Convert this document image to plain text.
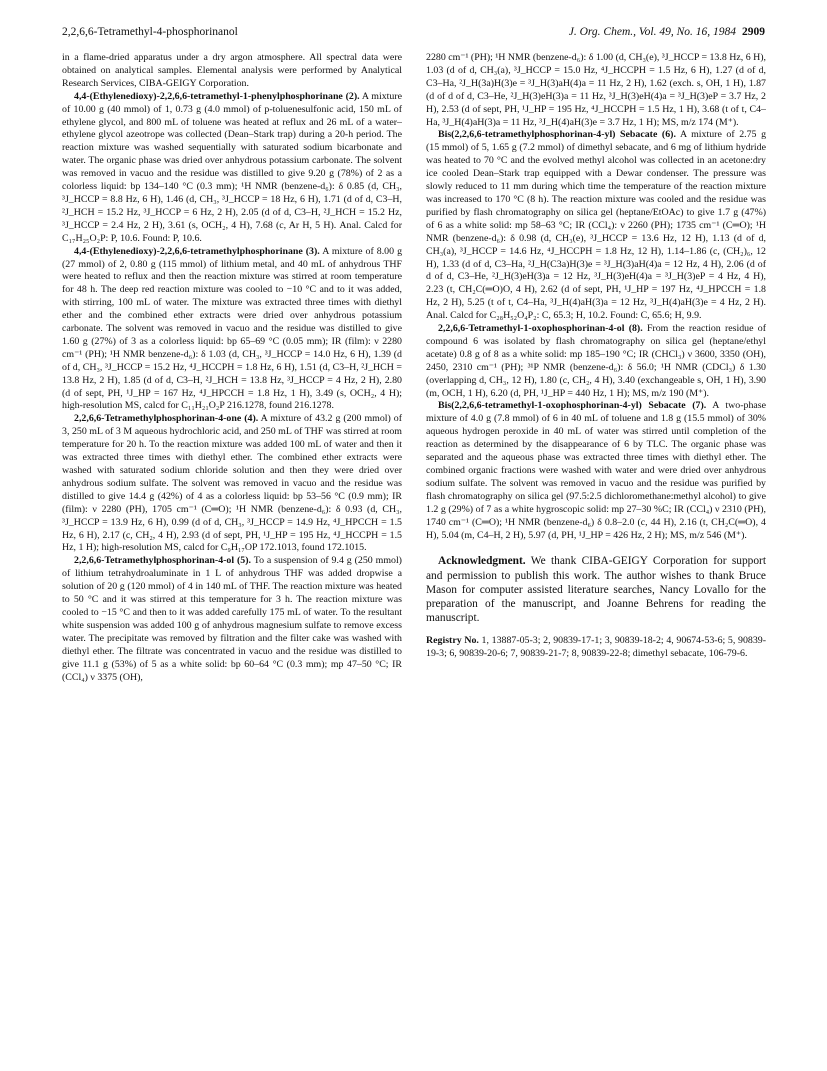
2,2,6,6-Tetramethyl-4-phosphorinanol	J. Org. Chem., Vol. 49, No. 16, 1984 2909

in a flame-dried apparatus under a dry argon atmosphere. All spectral data were obtained on analytical samples. Elemental analysis were performed by Analytical Research Services, CIBA-GEIGY Corporation.

4,4-(Ethylenedioxy)-2,2,6,6-tetramethyl-1-phenylphosphorinane (2). A mixture of 10.00 g (40 mmol) of 1, 0.73 g (4.0 mmol) of p-toluenesulfonic acid, 150 mL of ethylene glycol, and 800 mL of toluene was heated at reflux and 26 mL of a water–ethylene glycol azeotrope was collected (Dean–Stark trap) during a 20-h period. The reaction mixture was washed sequentially with saturated sodium bicarbonate and water. The organic phase was dried over anhydrous potassium carbonate. The solvent was removed in vacuo and the residue was distilled to give 9.20 g (78%) of 2 as a colorless liquid: bp 134–140 °C (0.3 mm); ¹H NMR (benzene-d₆): δ 0.85 (d, CH₃, ³J_HCCP = 8.8 Hz, 6 H), 1.46 (d, CH₃, ³J_HCCP = 18 Hz, 6 H), 1.71 (d of d, C3–H, ²J_HCH = 15.2 Hz, ³J_HCCP = 6 Hz, 2 H), 2.05 (d of d, C3–H, ²J_HCH = 15.2 Hz, ³J_HCCP = 2.4 Hz, 2 H), 3.61 (s, OCH₂, 4 H), 7.68 (c, Ar H, 5 H). Anal. Calcd for C₁₇H₂₅O₂P: P, 10.6. Found: P, 10.6.

4,4-(Ethylenedioxy)-2,2,6,6-tetramethylphosphorinane (3). A mixture of 8.00 g (27 mmol) of 2, 0.80 g (115 mmol) of lithium metal, and 40 mL of anhydrous THF were heated to reflux and then the reaction mixture was stirred at room temperature for 48 h. The deep red reaction mixture was cooled to −10 °C and to it was added, with stirring, 100 mL of water. The mixture was extracted three times with diethyl ether and the combined ether extracts were dried over anhydrous potassium carbonate. The solvent was removed in vacuo and the residue was distilled to give 1.60 g (27%) of 3 as a colorless liquid: bp 65–69 °C (0.05 mm); IR (film): ν 2280 cm⁻¹ (PH); ¹H NMR benzene-d₆): δ 1.03 (d, CH₃, ³J_HCCP = 14.0 Hz, 6 H), 1.39 (d of d, CH₃, ³J_HCCP = 15.2 Hz, ⁴J_HCCPH = 1.8 Hz, 6 H), 1.51 (d, C3–H, ²J_HCH = 13.8 Hz, 2 H), 1.85 (d of d, C3–H, ²J_HCH = 13.8 Hz, ³J_HCCP = 4 Hz, 2 H), 2.80 (d of sept, PH, ¹J_HP = 167 Hz, ⁴J_HPCCH = 1.8 Hz, 1 H), 3.49 (s, OCH₂, 4 H); high-resolution MS, calcd for C₁₁H₂₁O₂P 216.1278, found 216.1278.

2,2,6,6-Tetramethylphosphorinan-4-one (4). A mixture of 43.2 g (200 mmol) of 3, 250 mL of 3 M aqueous hydrochloric acid, and 250 mL of THF was stirred at room temperature for 20 h. To the reaction mixture was added 100 mL of water and then it was extracted three times with diethyl ether. The combined ether extracts were washed with saturated sodium chloride solution and then they were dried over anhydrous sodium sulfate. The solvent was removed in vacuo and the residue was distilled to give 14.4 g (42%) of 4 as a colorless liquid: bp 53–56 °C (0.9 mm); IR (film): ν 2280 (PH), 1705 cm⁻¹ (C═O); ¹H NMR (benzene-d₆): δ 0.93 (d, CH₃, ³J_HCCP = 13.9 Hz, 6 H), 0.99 (d of d, CH₃, ³J_HCCP = 14.9 Hz, ⁴J_HPCCH = 1.5 Hz, 6 H), 2.17 (c, CH₂, 4 H), 2.93 (d of sept, PH, ¹J_HP = 195 Hz, ⁴J_HCCPH = 1.5 Hz, 1 H); high-resolution MS, calcd for C₉H₁₇OP 172.1013, found 172.1015.

2,2,6,6-Tetramethylphosphorinan-4-ol (5). To a suspension of 9.4 g (250 mmol) of lithium tetrahydroaluminate in 1 L of anhydrous THF was added dropwise a solution of 20 g (120 mmol) of 4 in 140 mL of THF. The reaction mixture was heated to 50 °C and it was stirred at this temperature for 3 h. The reaction mixture was cooled to −15 °C and then to it was added carefully 175 mL of water. To the resultant white suspension was added 100 g of anhydrous magnesium sulfate to remove excess water. The precipitate was removed by filtration and the filter cake was washed with diethyl ether. The filtrate was concentrated in vacuo and the residue was distilled to give 11.1 g (53%) of 5 as a white solid: bp 60–64 °C (0.3 mm); mp 47–50 °C; IR (CCl₄) ν 3375 (OH),

2280 cm⁻¹ (PH); ¹H NMR (benzene-d₆): δ 1.00 (d, CH₃(e), ³J_HCCP = 13.8 Hz, 6 H), 1.03 (d of d, CH₃(a), ³J_HCCP = 15.0 Hz, ⁴J_HCCPH = 1.5 Hz, 6 H), 1.27 (d of d, C3–Ha, ²J_H(3a)H(3)e = ³J_H(3)aH(4)a = 11 Hz, 2 H), 1.62 (exch. s, OH, 1 H), 1.87 (d of d of d, C3–He, ²J_H(3)eH(3)a = 11 Hz, ³J_H(3)eH(4)a = ³J_H(3)eP = 3.7 Hz, 2 H), 2.53 (d of sept, PH, ¹J_HP = 195 Hz, ⁴J_HCCPH = 1.5 Hz, 1 H), 3.68 (t of t, C4–Ha, ³J_H(4)aH(3)a = 11 Hz, ³J_H(4)aH(3)e = 3.7 Hz, 1 H); MS, m/z 174 (M⁺).

Bis(2,2,6,6-tetramethylphosphorinan-4-yl) Sebacate (6). A mixture of 2.75 g (15 mmol) of 5, 1.65 g (7.2 mmol) of dimethyl sebacate, and 6 mg of lithium hydride was heated to 70 °C and the evolved methyl alcohol was collected in an acetone:dry ice cooled Dean–Stark trap equipped with a Dewar condenser. The pressure was slowly reduced to 11 mm during which time the temperature of the reaction mixture was increased to 170 °C (8 h). The reaction mixture was cooled and the residue was purified by flash chromatography on silica gel (heptane/EtOAc) to give 1.7 g (47%) of 6 as a white solid: mp 58–63 °C; IR (CCl₄): ν 2260 (PH); 1735 cm⁻¹ (C═O); ¹H NMR (benzene-d₆): δ 0.98 (d, CH₃(e), ³J_HCCP = 13.6 Hz, 12 H), 1.13 (d of d, CH₃(a), ³J_HCCP = 14.6 Hz, ⁴J_HCCPH = 1.8 Hz, 12 H), 1.14–1.86 (c, (CH₂)₆, 12 H), 1.33 (d of d, C3–Ha, ²J_H(C3a)H(3)e = ³J_H(3)aH(4)a = 12 Hz, 4 H), 2.06 (d of d of d, C3–He, ²J_H(3)eH(3)a = 12 Hz, ³J_H(3)eH(4)a = ³J_H(3)eP = 4 Hz, 4 H), 2.23 (t, CH₂C(═O)O, 4 H), 2.62 (d of sept, PH, ¹J_HP = 197 Hz, ⁴J_HPCCH = 1.8 Hz, 2 H), 5.25 (t of t, C4–Ha, ³J_H(4)aH(3)a = 12 Hz, ³J_H(4)aH(3)e = 4 Hz, 2 H). Anal. Calcd for C₂₈H₅₂O₄P₂: C, 65.3; H, 10.2. Found: C, 65.6; H, 9.9.

2,2,6,6-Tetramethyl-1-oxophosphorinan-4-ol (8). From the reaction residue of compound 6 was isolated by flash chromatography on silica gel (heptane/ethyl acetate) 0.8 g of 8 as a white solid: mp 185–190 °C; IR (CHCl₃) ν 3600, 3350 (OH), 2450, 2310 cm⁻¹ (PH); ³¹P NMR (benzene-d₆): δ 56.0; ¹H NMR (CDCl₃) δ 1.30 (overlapping d, CH₃, 12 H), 1.80 (c, CH₂, 4 H), 3.40 (exchangeable s, OH, 1 H), 3.90 (m, OCH, 1 H), 6.20 (d, PH, ¹J_HP = 440 Hz, 1 H); MS, m/z 190 (M⁺).

Bis(2,2,6,6-tetramethyl-1-oxophosphorinan-4-yl) Sebacate (7). A two-phase mixture of 4.0 g (7.8 mmol) of 6 in 40 mL of toluene and 1.8 g (15.5 mmol) of 30% aqueous hydrogen peroxide in 40 mL of water was stirred until completion of the reaction as determined by the disappearance of 6 by TLC. The organic phase was separated and the aqueous phase was extracted three times with diethyl ether. The combined organic fractions were washed with water and were dried over anhydrous sodium sulfate. The solvent was removed in vacuo and the residue was purified by flash chromatography on silica gel (97.5:2.5 dichloromethane:methyl alcohol) to give 1.2 g (29%) of 7 as a white hygroscopic solid: mp 27–30 %C; IR (CCl₄) ν 2310 (PH), 1740 cm⁻¹ (C═O); ¹H NMR (benzene-d₆) δ 0.8–2.0 (c, 44 H), 2.16 (t, CH₂C(═O), 4 H), 5.04 (m, C4–H, 2 H), 5.97 (d, PH, ¹J_HP = 426 Hz, 2 H); MS, m/z 546 (M⁺).

Acknowledgment. We thank CIBA-GEIGY Corporation for support and permission to publish this work. The author wishes to thank Bruce Mason for computer assisted literature searches, Nancy Lovallo for the preparation of the manuscript, and Joanne Behrens for reading the manuscript.

Registry No. 1, 13887-05-3; 2, 90839-17-1; 3, 90839-18-2; 4, 90674-53-6; 5, 90839-19-3; 6, 90839-20-6; 7, 90839-21-7; 8, 90839-22-8; dimethyl sebacate, 106-79-6.
